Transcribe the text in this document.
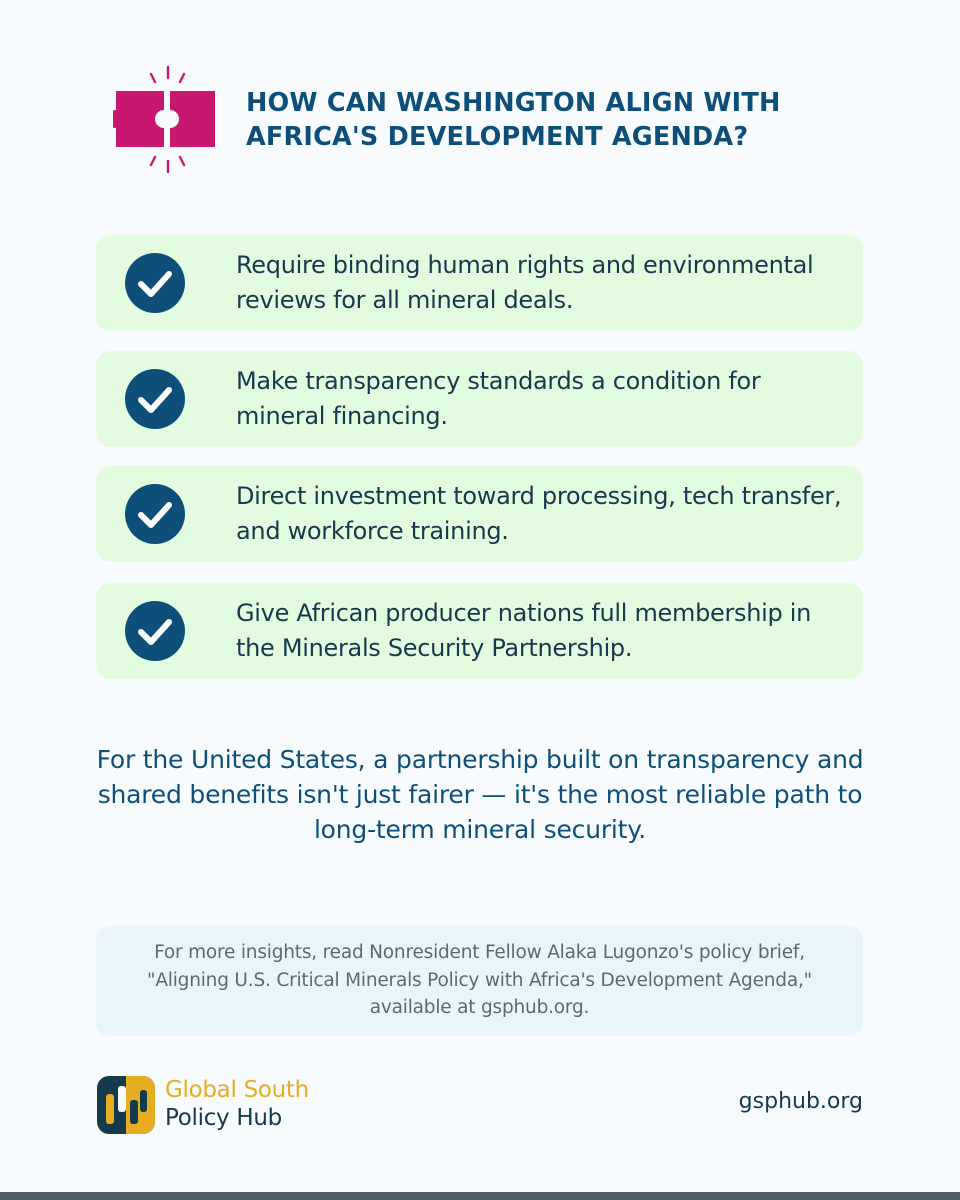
HOW CAN WASHINGTON ALIGN WITH AFRICA'S DEVELOPMENT AGENDA?
Require binding human rights and environmental reviews for all mineral deals.
Make transparency standards a condition for mineral financing.
Direct investment toward processing, tech transfer, and workforce training.
Give African producer nations full membership in the Minerals Security Partnership.

For the United States, a partnership built on transparency and shared benefits isn't just fairer — it's the most reliable path to long-term mineral security.

For more insights, read Nonresident Fellow Alaka Lugonzo's policy brief, "Aligning U.S. Critical Minerals Policy with Africa's Development Agenda," available at gsphub.org.

Global South
Policy Hub
gsphub.org
